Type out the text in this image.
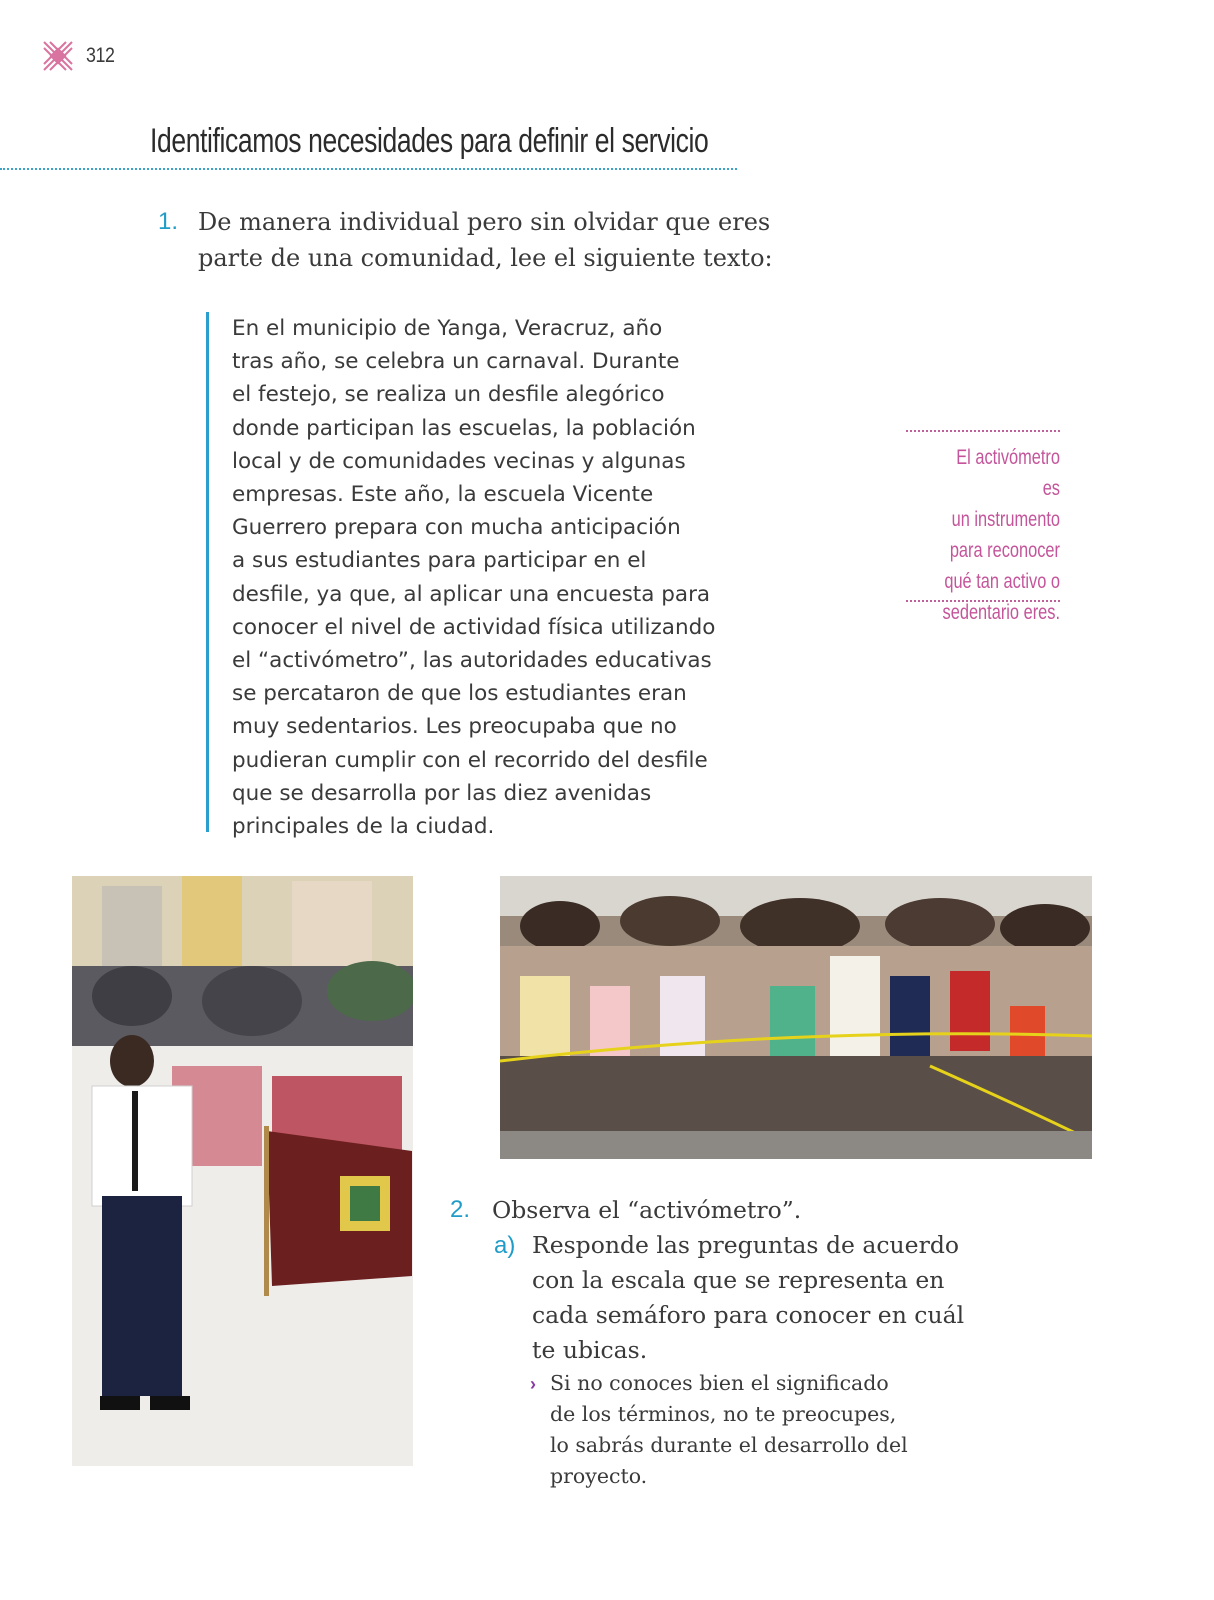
312
Identificamos necesidades para definir el servicio
1. De manera individual pero sin olvidar que eres
parte de una comunidad, lee el siguiente texto:

En el municipio de Yanga, Veracruz, año
tras año, se celebra un carnaval. Durante
el festejo, se realiza un desfile alegórico
donde participan las escuelas, la población
local y de comunidades vecinas y algunas
empresas. Este año, la escuela Vicente
Guerrero prepara con mucha anticipación
a sus estudiantes para participar en el
desfile, ya que, al aplicar una encuesta para
conocer el nivel de actividad física utilizando
el “activómetro”, las autoridades educativas
se percataron de que los estudiantes eran
muy sedentarios. Les preocupaba que no
pudieran cumplir con el recorrido del desfile
que se desarrolla por las diez avenidas
principales de la ciudad.

El activómetro es
un instrumento
para reconocer
qué tan activo o
sedentario eres.
2. Observa el “activómetro”.
a) Responde las preguntas de acuerdo
con la escala que se representa en
cada semáforo para conocer en cuál
te ubicas.
› Si no conoces bien el significado
de los términos, no te preocupes,
lo sabrás durante el desarrollo del
proyecto.
